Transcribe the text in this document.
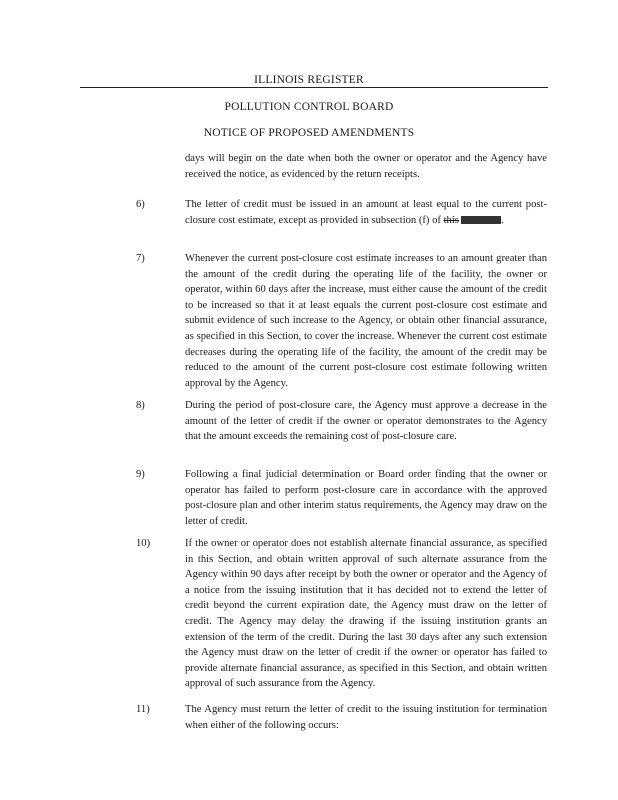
ILLINOIS REGISTER
POLLUTION CONTROL BOARD
NOTICE OF PROPOSED AMENDMENTS
days will begin on the date when both the owner or operator and the Agency have received the notice, as evidenced by the return receipts.
6)	The letter of credit must be issued in an amount at least equal to the current post-closure cost estimate, except as provided in subsection (f) of this	.
7)	Whenever the current post-closure cost estimate increases to an amount greater than the amount of the credit during the operating life of the facility, the owner or operator, within 60 days after the increase, must either cause the amount of the credit to be increased so that it at least equals the current post-closure cost estimate and submit evidence of such increase to the Agency, or obtain other financial assurance, as specified in this Section, to cover the increase. Whenever the current cost estimate decreases during the operating life of the facility, the amount of the credit may be reduced to the amount of the current post-closure cost estimate following written approval by the Agency.
8)	During the period of post-closure care, the Agency must approve a decrease in the amount of the letter of credit if the owner or operator demonstrates to the Agency that the amount exceeds the remaining cost of post-closure care.
9)	Following a final judicial determination or Board order finding that the owner or operator has failed to perform post-closure care in accordance with the approved post-closure plan and other interim status requirements, the Agency may draw on the letter of credit.
10)	If the owner or operator does not establish alternate financial assurance, as specified in this Section, and obtain written approval of such alternate assurance from the Agency within 90 days after receipt by both the owner or operator and the Agency of a notice from the issuing institution that it has decided not to extend the letter of credit beyond the current expiration date, the Agency must draw on the letter of credit. The Agency may delay the drawing if the issuing institution grants an extension of the term of the credit. During the last 30 days after any such extension the Agency must draw on the letter of credit if the owner or operator has failed to provide alternate financial assurance, as specified in this Section, and obtain written approval of such assurance from the Agency.
11)	The Agency must return the letter of credit to the issuing institution for termination when either of the following occurs:
